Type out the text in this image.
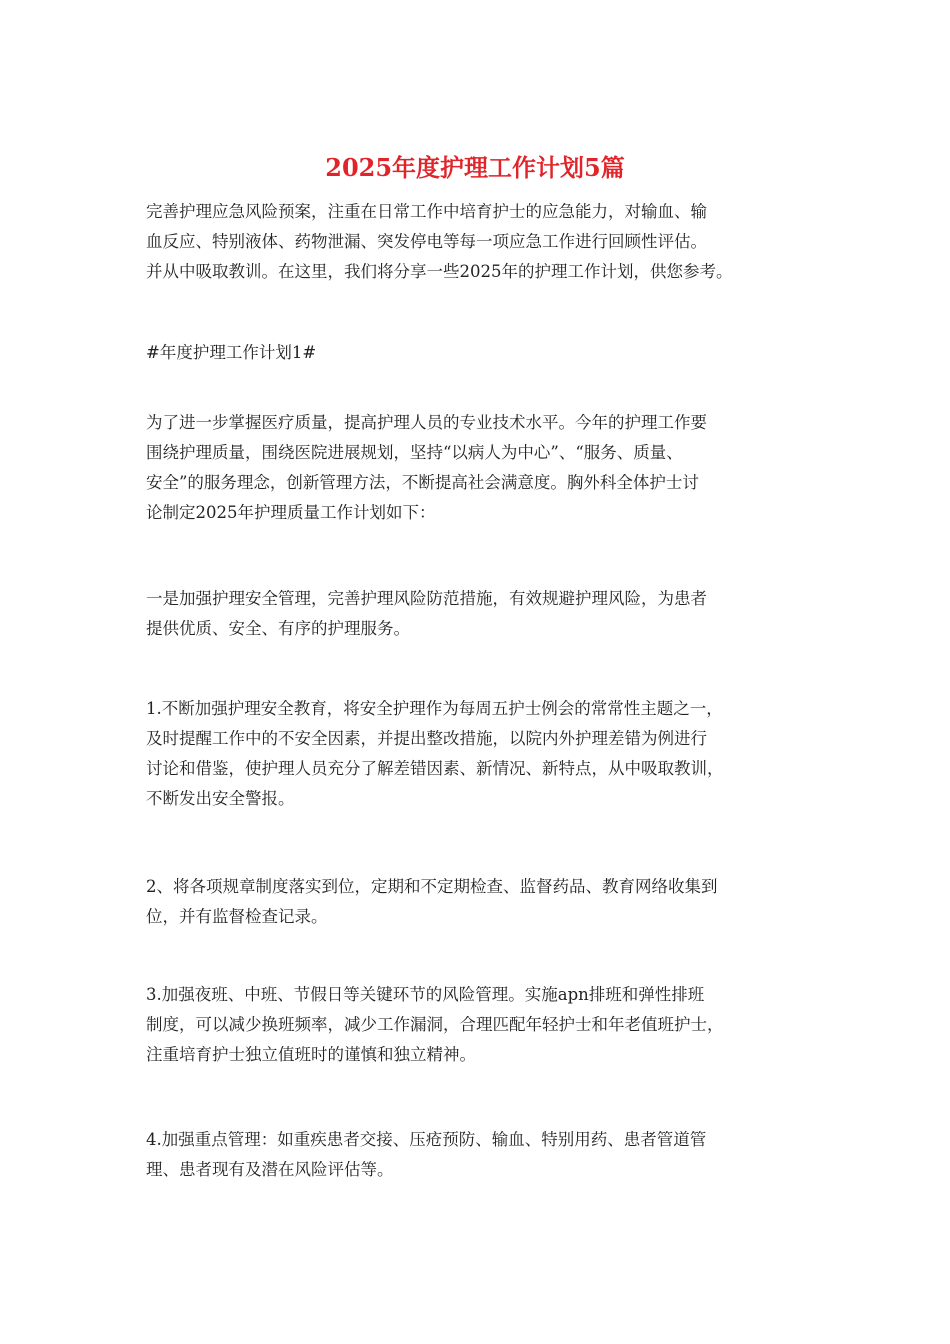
2025年度护理工作计划5篇

完善护理应急风险预案，注重在日常工作中培育护士的应急能力，对输血、输

血反应、特别液体、药物泄漏、突发停电等每一项应急工作进行回顾性评估。

并从中吸取教训。在这里，我们将分享一些2025年的护理工作计划，供您参考。

#年度护理工作计划1#

为了进一步掌握医疗质量，提高护理人员的专业技术水平。今年的护理工作要

围绕护理质量，围绕医院进展规划，坚持“以病人为中心”、“服务、质量、

安全”的服务理念，创新管理方法，不断提高社会满意度。胸外科全体护士讨

论制定2025年护理质量工作计划如下：

一是加强护理安全管理，完善护理风险防范措施，有效规避护理风险，为患者

提供优质、安全、有序的护理服务。

1.不断加强护理安全教育，将安全护理作为每周五护士例会的常常性主题之一，

及时提醒工作中的不安全因素，并提出整改措施，以院内外护理差错为例进行

讨论和借鉴，使护理人员充分了解差错因素、新情况、新特点，从中吸取教训，

不断发出安全警报。

2、将各项规章制度落实到位，定期和不定期检查、监督药品、教育网络收集到

位，并有监督检查记录。

3.加强夜班、中班、节假日等关键环节的风险管理。实施apn排班和弹性排班

制度，可以减少换班频率，减少工作漏洞，合理匹配年轻护士和年老值班护士，

注重培育护士独立值班时的谨慎和独立精神。

4.加强重点管理：如重疾患者交接、压疮预防、输血、特别用药、患者管道管

理、患者现有及潜在风险评估等。
